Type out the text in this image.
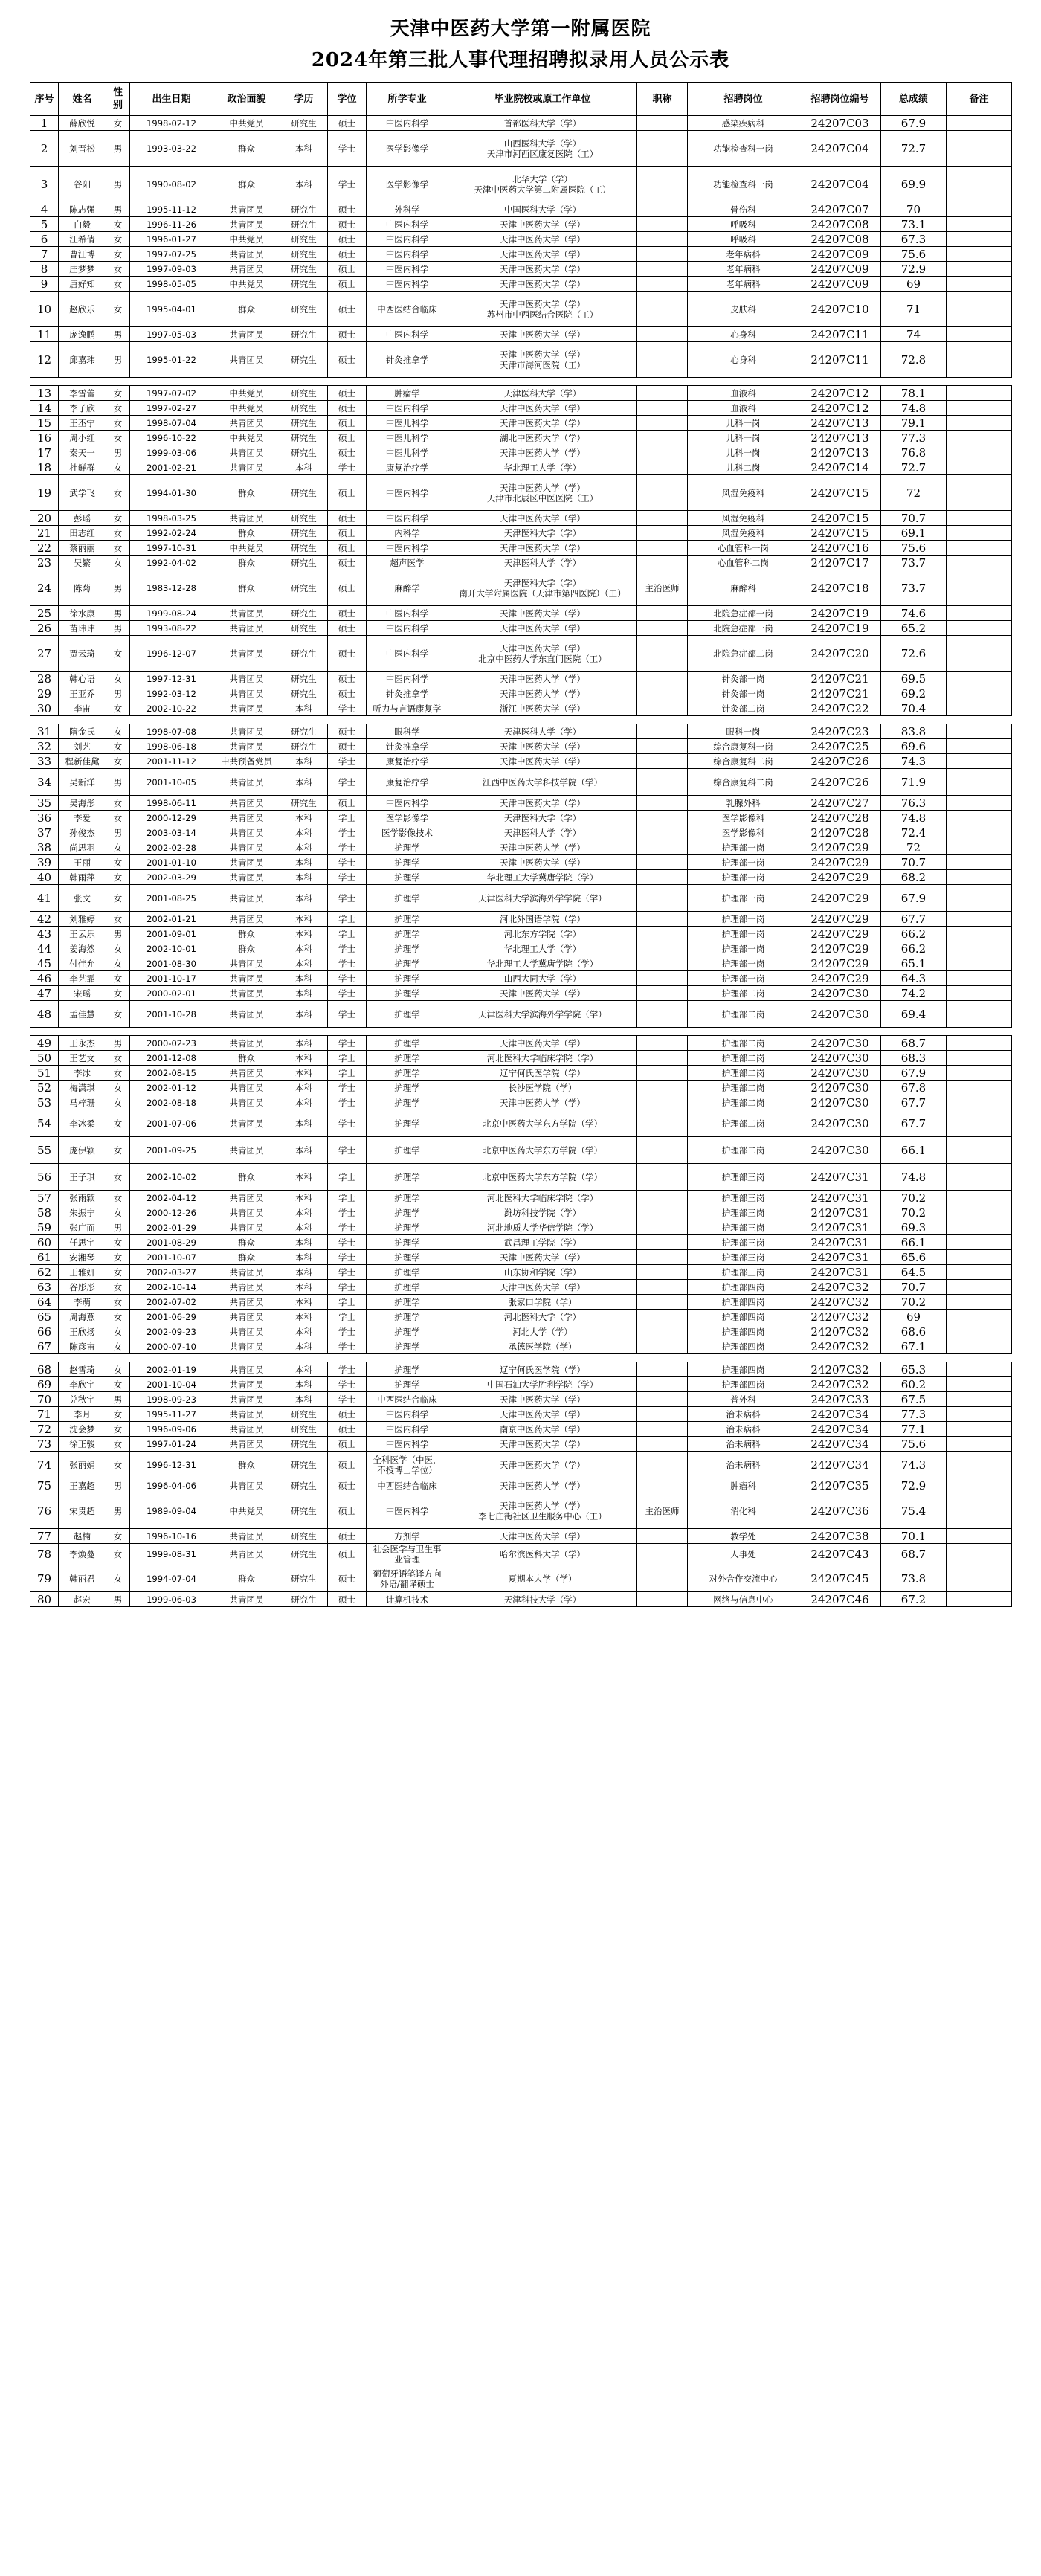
天津中医药大学第一附属医院
2024年第三批人事代理招聘拟录用人员公示表
序号	姓名	性别	出生日期	政治面貌	学历	学位	所学专业	毕业院校或原工作单位	职称	招聘岗位	招聘岗位编号	总成绩	备注
1	薛欣悦	女	1998-02-12	中共党员	研究生	硕士	中医内科学	首都医科大学（学）		感染疾病科	24207C03	67.9	
2	刘晋松	男	1993-03-22	群众	本科	学士	医学影像学	山西医科大学（学）
天津市河西区康复医院（工）		功能检查科一岗	24207C04	72.7	
3	谷阳	男	1990-08-02	群众	本科	学士	医学影像学	北华大学（学）
天津中医药大学第二附属医院（工）		功能检查科一岗	24207C04	69.9	
4	陈志强	男	1995-11-12	共青团员	研究生	硕士	外科学	中国医科大学（学）		骨伤科	24207C07	70	
5	白毅	女	1996-11-26	共青团员	研究生	硕士	中医内科学	天津中医药大学（学）		呼吸科	24207C08	73.1	
6	江希倩	女	1996-01-27	中共党员	研究生	硕士	中医内科学	天津中医药大学（学）		呼吸科	24207C08	67.3	
7	曹江博	女	1997-07-25	共青团员	研究生	硕士	中医内科学	天津中医药大学（学）		老年病科	24207C09	75.6	
8	庄梦梦	女	1997-09-03	共青团员	研究生	硕士	中医内科学	天津中医药大学（学）		老年病科	24207C09	72.9	
9	唐好知	女	1998-05-05	中共党员	研究生	硕士	中医内科学	天津中医药大学（学）		老年病科	24207C09	69	
10	赵欣乐	女	1995-04-01	群众	研究生	硕士	中西医结合临床	天津中医药大学（学）
苏州市中西医结合医院（工）		皮肤科	24207C10	71	
11	庞逸鹏	男	1997-05-03	共青团员	研究生	硕士	中医内科学	天津中医药大学（学）		心身科	24207C11	74	
12	邱嘉玮	男	1995-01-22	共青团员	研究生	硕士	针灸推拿学	天津中医药大学（学）
天津市海河医院（工）		心身科	24207C11	72.8	

13	李雪蕾	女	1997-07-02	中共党员	研究生	硕士	肿瘤学	天津医科大学（学）		血液科	24207C12	78.1	
14	李子欣	女	1997-02-27	中共党员	研究生	硕士	中医内科学	天津中医药大学（学）		血液科	24207C12	74.8	
15	王丕宁	女	1998-07-04	共青团员	研究生	硕士	中医儿科学	天津中医药大学（学）		儿科一岗	24207C13	79.1	
16	周小红	女	1996-10-22	中共党员	研究生	硕士	中医儿科学	湖北中医药大学（学）		儿科一岗	24207C13	77.3	
17	秦天一	男	1999-03-06	共青团员	研究生	硕士	中医儿科学	天津中医药大学（学）		儿科一岗	24207C13	76.8	
18	杜鲜群	女	2001-02-21	共青团员	本科	学士	康复治疗学	华北理工大学（学）		儿科二岗	24207C14	72.7	
19	武学飞	女	1994-01-30	群众	研究生	硕士	中医内科学	天津中医药大学（学）
天津市北辰区中医医院（工）		风湿免疫科	24207C15	72	
20	彭瑶	女	1998-03-25	共青团员	研究生	硕士	中医内科学	天津中医药大学（学）		风湿免疫科	24207C15	70.7	
21	田志红	女	1992-02-24	群众	研究生	硕士	内科学	天津医科大学（学）		风湿免疫科	24207C15	69.1	
22	蔡丽丽	女	1997-10-31	中共党员	研究生	硕士	中医内科学	天津中医药大学（学）		心血管科一岗	24207C16	75.6	
23	吴繁	女	1992-04-02	群众	研究生	硕士	超声医学	天津医科大学（学）		心血管科二岗	24207C17	73.7	
24	陈菊	男	1983-12-28	群众	研究生	硕士	麻醉学	天津医科大学（学）
南开大学附属医院（天津市第四医院）（工）	主治医师	麻醉科	24207C18	73.7	
25	徐水康	男	1999-08-24	共青团员	研究生	硕士	中医内科学	天津中医药大学（学）		北院急症部一岗	24207C19	74.6	
26	苗玮玮	男	1993-08-22	共青团员	研究生	硕士	中医内科学	天津中医药大学（学）		北院急症部一岗	24207C19	65.2	
27	贾云琦	女	1996-12-07	共青团员	研究生	硕士	中医内科学	天津中医药大学（学）
北京中医药大学东直门医院（工）		北院急症部二岗	24207C20	72.6	
28	韩心语	女	1997-12-31	共青团员	研究生	硕士	中医内科学	天津中医药大学（学）		针灸部一岗	24207C21	69.5	
29	王亚乔	男	1992-03-12	共青团员	研究生	硕士	针灸推拿学	天津中医药大学（学）		针灸部一岗	24207C21	69.2	
30	李宙	女	2002-10-22	共青团员	本科	学士	听力与言语康复学	浙江中医药大学（学）		针灸部二岗	24207C22	70.4	

31	隋金氏	女	1998-07-08	共青团员	研究生	硕士	眼科学	天津医科大学（学）		眼科一岗	24207C23	83.8	
32	刘艺	女	1998-06-18	共青团员	研究生	硕士	针灸推拿学	天津中医药大学（学）		综合康复科一岗	24207C25	69.6	
33	程新佳黛	女	2001-11-12	中共预备党员	本科	学士	康复治疗学	天津中医药大学（学）		综合康复科二岗	24207C26	74.3	
34	吴新洋	男	2001-10-05	共青团员	本科	学士	康复治疗学	江西中医药大学科技学院（学）		综合康复科二岗	24207C26	71.9	
35	吴海彤	女	1998-06-11	共青团员	研究生	硕士	中医内科学	天津中医药大学（学）		乳腺外科	24207C27	76.3	
36	李爱	女	2000-12-29	共青团员	本科	学士	医学影像学	天津医科大学（学）		医学影像科	24207C28	74.8	
37	孙俊杰	男	2003-03-14	共青团员	本科	学士	医学影像技术	天津医科大学（学）		医学影像科	24207C28	72.4	
38	尚思羽	女	2002-02-28	共青团员	本科	学士	护理学	天津中医药大学（学）		护理部一岗	24207C29	72	
39	王丽	女	2001-01-10	共青团员	本科	学士	护理学	天津中医药大学（学）		护理部一岗	24207C29	70.7	
40	韩雨萍	女	2002-03-29	共青团员	本科	学士	护理学	华北理工大学冀唐学院（学）		护理部一岗	24207C29	68.2	
41	张文	女	2001-08-25	共青团员	本科	学士	护理学	天津医科大学滨海外学学院（学）		护理部一岗	24207C29	67.9	
42	刘雅婷	女	2002-01-21	共青团员	本科	学士	护理学	河北外国语学院（学）		护理部一岗	24207C29	67.7	
43	王云乐	男	2001-09-01	群众	本科	学士	护理学	河北东方学院（学）		护理部一岗	24207C29	66.2	
44	姜海然	女	2002-10-01	群众	本科	学士	护理学	华北理工大学（学）		护理部一岗	24207C29	66.2	
45	付佳允	女	2001-08-30	共青团员	本科	学士	护理学	华北理工大学冀唐学院（学）		护理部一岗	24207C29	65.1	
46	李艺霏	女	2001-10-17	共青团员	本科	学士	护理学	山西大同大学（学）		护理部一岗	24207C29	64.3	
47	宋瑶	女	2000-02-01	共青团员	本科	学士	护理学	天津中医药大学（学）		护理部二岗	24207C30	74.2	
48	孟佳慧	女	2001-10-28	共青团员	本科	学士	护理学	天津医科大学滨海外学学院（学）		护理部二岗	24207C30	69.4	

49	王永杰	男	2000-02-23	共青团员	本科	学士	护理学	天津中医药大学（学）		护理部二岗	24207C30	68.7	
50	王艺文	女	2001-12-08	群众	本科	学士	护理学	河北医科大学临床学院（学）		护理部二岗	24207C30	68.3	
51	李冰	女	2002-08-15	共青团员	本科	学士	护理学	辽宁何氏医学院（学）		护理部二岗	24207C30	67.9	
52	梅潇琪	女	2002-01-12	共青团员	本科	学士	护理学	长沙医学院（学）		护理部二岗	24207C30	67.8	
53	马梓珊	女	2002-08-18	共青团员	本科	学士	护理学	天津中医药大学（学）		护理部二岗	24207C30	67.7	
54	李冰柔	女	2001-07-06	共青团员	本科	学士	护理学	北京中医药大学东方学院（学）		护理部二岗	24207C30	67.7	
55	庞伊颖	女	2001-09-25	共青团员	本科	学士	护理学	北京中医药大学东方学院（学）		护理部二岗	24207C30	66.1	
56	王子琪	女	2002-10-02	群众	本科	学士	护理学	北京中医药大学东方学院（学）		护理部三岗	24207C31	74.8	
57	张雨颖	女	2002-04-12	共青团员	本科	学士	护理学	河北医科大学临床学院（学）		护理部三岗	24207C31	70.2	
58	朱振宁	女	2000-12-26	共青团员	本科	学士	护理学	潍坊科技学院（学）		护理部三岗	24207C31	70.2	
59	张广而	男	2002-01-29	共青团员	本科	学士	护理学	河北地质大学华信学院（学）		护理部三岗	24207C31	69.3	
60	任思宇	女	2001-08-29	群众	本科	学士	护理学	武昌理工学院（学）		护理部三岗	24207C31	66.1	
61	安湘琴	女	2001-10-07	群众	本科	学士	护理学	天津中医药大学（学）		护理部三岗	24207C31	65.6	
62	王雅妍	女	2002-03-27	共青团员	本科	学士	护理学	山东协和学院（学）		护理部三岗	24207C31	64.5	
63	谷彤彤	女	2002-10-14	共青团员	本科	学士	护理学	天津中医药大学（学）		护理部四岗	24207C32	70.7	
64	李萌	女	2002-07-02	共青团员	本科	学士	护理学	张家口学院（学）		护理部四岗	24207C32	70.2	
65	周海燕	女	2001-06-29	共青团员	本科	学士	护理学	河北医科大学（学）		护理部四岗	24207C32	69	
66	王欣扬	女	2002-09-23	共青团员	本科	学士	护理学	河北大学（学）		护理部四岗	24207C32	68.6	
67	陈彦宙	女	2000-07-10	共青团员	本科	学士	护理学	承德医学院（学）		护理部四岗	24207C32	67.1	

68	赵雪琦	女	2002-01-19	共青团员	本科	学士	护理学	辽宁何氏医学院（学）		护理部四岗	24207C32	65.3	
69	李欣宇	女	2001-10-04	共青团员	本科	学士	护理学	中国石油大学胜利学院（学）		护理部四岗	24207C32	60.2	
70	兑秋宇	男	1998-09-23	共青团员	本科	学士	中西医结合临床	天津中医药大学（学）		普外科	24207C33	67.5	
71	李月	女	1995-11-27	共青团员	研究生	硕士	中医内科学	天津中医药大学（学）		治未病科	24207C34	77.3	
72	沈会梦	女	1996-09-06	共青团员	研究生	硕士	中医内科学	南京中医药大学（学）		治未病科	24207C34	77.1	
73	徐正骏	女	1997-01-24	共青团员	研究生	硕士	中医内科学	天津中医药大学（学）		治未病科	24207C34	75.6	
74	张丽娟	女	1996-12-31	群众	研究生	硕士	全科医学（中医，不授博士学位）	天津中医药大学（学）		治未病科	24207C34	74.3	
75	王嘉超	男	1996-04-06	共青团员	研究生	硕士	中西医结合临床	天津中医药大学（学）		肿瘤科	24207C35	72.9	
76	宋贵超	男	1989-09-04	中共党员	研究生	硕士	中医内科学	天津中医药大学（学）
李七庄街社区卫生服务中心（工）	主治医师	消化科	24207C36	75.4	
77	赵楠	女	1996-10-16	共青团员	研究生	硕士	方剂学	天津中医药大学（学）		教学处	24207C38	70.1	
78	李焕蔓	女	1999-08-31	共青团员	研究生	硕士	社会医学与卫生事业管理	哈尔滨医科大学（学）		人事处	24207C43	68.7	
79	韩丽君	女	1994-07-04	群众	研究生	硕士	葡萄牙语笔译方向外语/翻译硕士	夏期本大学（学）		对外合作交流中心	24207C45	73.8	
80	赵宏	男	1999-06-03	共青团员	研究生	硕士	计算机技术	天津科技大学（学）		网络与信息中心	24207C46	67.2	
